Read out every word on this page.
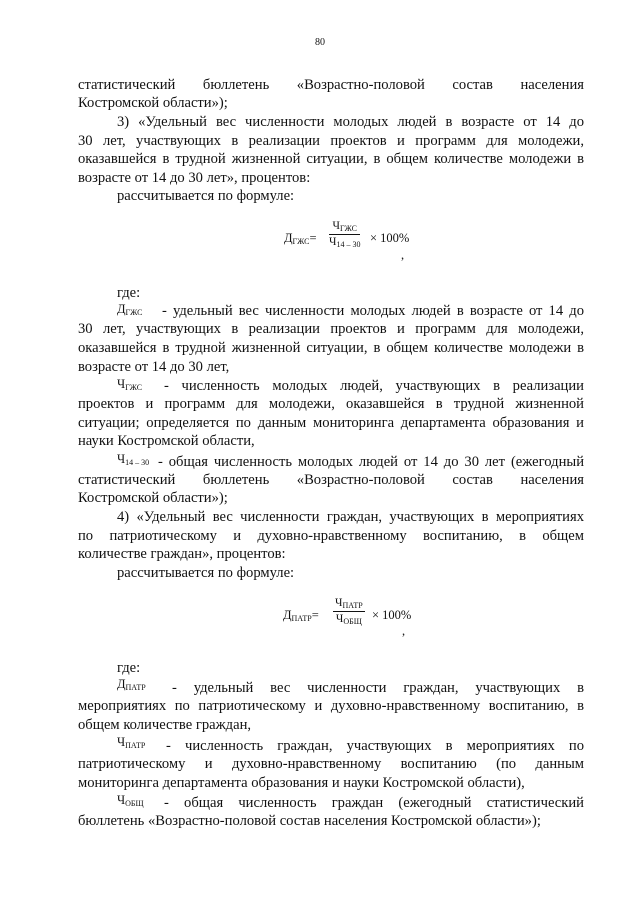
80
статистический бюллетень «Возрастно-половой состав населения
Костромской области»);
3) «Удельный вес численности молодых людей в возрасте от 14 до
30 лет, участвующих в реализации проектов и программ для молодежи,
оказавшейся в трудной жизненной ситуации, в общем количестве молодежи в
возрасте от 14 до 30 лет», процентов:
рассчитывается по формуле:
$Д_{ГЖС}=$
$Ч_{ГЖС}$
$Ч_{14 - 30} \times 100\%$
,
где:
$Д_{ГЖС}$ - удельный вес численности молодых людей в возрасте от 14 до
30 лет, участвующих в реализации проектов и программ для молодежи,
оказавшейся в трудной жизненной ситуации, в общем количестве молодежи в
возрасте от 14 до 30 лет,
$Ч_{ГЖС}$ - численность молодых людей, участвующих в реализации
проектов и программ для молодежи, оказавшейся в трудной жизненной
ситуации; определяется по данным мониторинга департамента образования и
науки Костромской области,
$Ч_{14 - 30}$ - общая численность молодых людей от 14 до 30 лет (ежегодный
статистический бюллетень «Возрастно-половой состав населения
Костромской области»);
4) «Удельный вес численности граждан, участвующих в мероприятиях
по патриотическому и духовно-нравственному воспитанию, в общем
количестве граждан», процентов:
рассчитывается по формуле:
$Д_{ПАТР}=$
$Ч_{ПАТР}$
$Ч_{ОБЩ} \times 100\%$
,
где:
$Д_{ПАТР}$ - удельный вес численности граждан, участвующих в
мероприятиях по патриотическому и духовно-нравственному воспитанию, в
общем количестве граждан,
$Ч_{ПАТР}$ - численность граждан, участвующих в мероприятиях по
патриотическому и духовно-нравственному воспитанию (по данным
мониторинга департамента образования и науки Костромской области),
$Ч_{ОБЩ}$ - общая численность граждан (ежегодный статистический
бюллетень «Возрастно-половой состав населения Костромской области»);
